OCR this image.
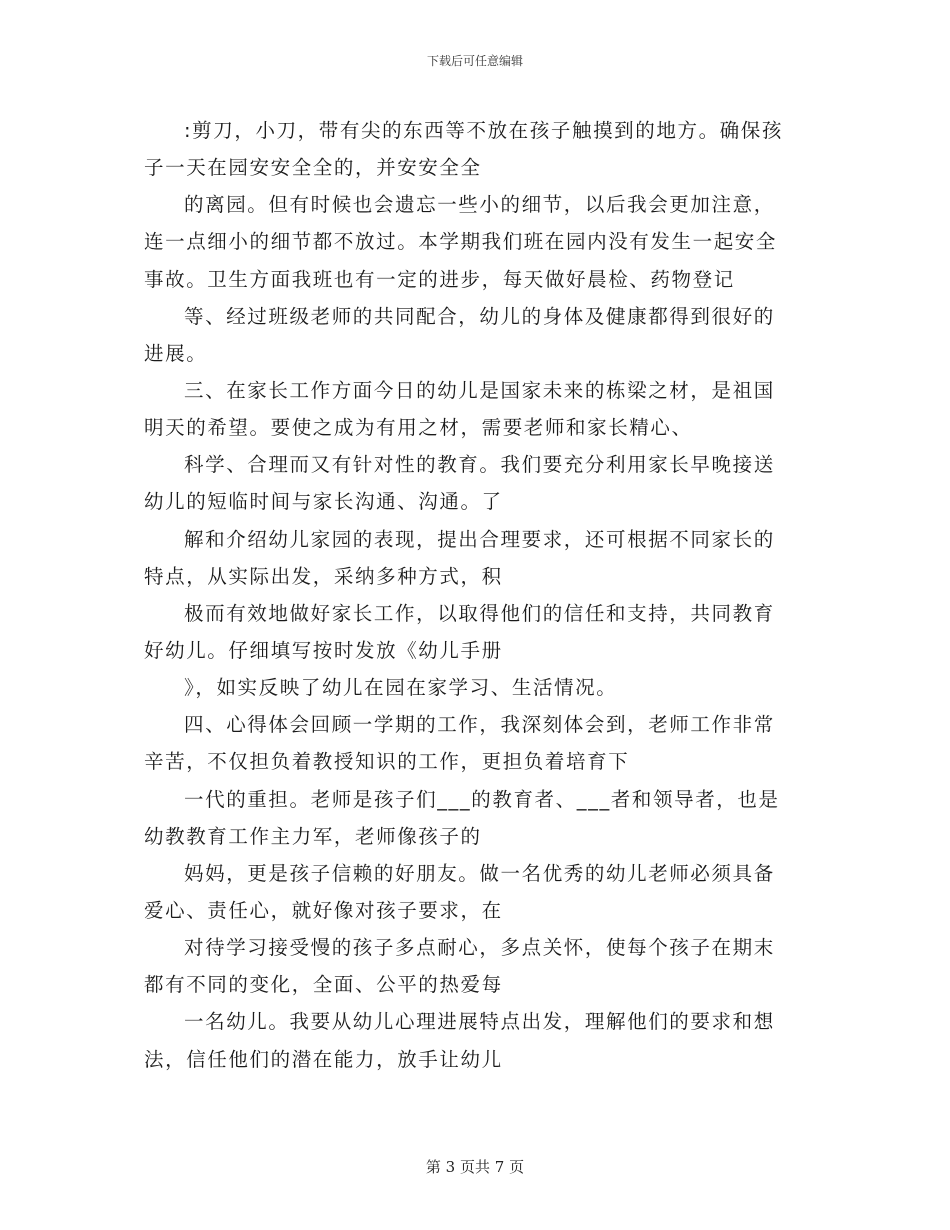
下载后可任意编辑
:剪刀，小刀，带有尖的东西等不放在孩子触摸到的地方。确保孩
子一天在园安安全全的，并安安全全
的离园。但有时候也会遗忘一些小的细节，以后我会更加注意，
连一点细小的细节都不放过。本学期我们班在园内没有发生一起安全
事故。卫生方面我班也有一定的进步，每天做好晨检、药物登记
等、经过班级老师的共同配合，幼儿的身体及健康都得到很好的
进展。
三、在家长工作方面今日的幼儿是国家未来的栋梁之材，是祖国
明天的希望。要使之成为有用之材，需要老师和家长精心、
科学、合理而又有针对性的教育。我们要充分利用家长早晚接送
幼儿的短临时间与家长沟通、沟通。了
解和介绍幼儿家园的表现，提出合理要求，还可根据不同家长的
特点，从实际出发，采纳多种方式，积
极而有效地做好家长工作，以取得他们的信任和支持，共同教育
好幼儿。仔细填写按时发放《幼儿手册
》，如实反映了幼儿在园在家学习、生活情况。
四、心得体会回顾一学期的工作，我深刻体会到，老师工作非常
辛苦，不仅担负着教授知识的工作，更担负着培育下
一代的重担。老师是孩子们___的教育者、___者和领导者，也是
幼教教育工作主力军，老师像孩子的
妈妈，更是孩子信赖的好朋友。做一名优秀的幼儿老师必须具备
爱心、责任心，就好像对孩子要求，在
对待学习接受慢的孩子多点耐心，多点关怀，使每个孩子在期末
都有不同的变化，全面、公平的热爱每
一名幼儿。我要从幼儿心理进展特点出发，理解他们的要求和想
法，信任他们的潜在能力，放手让幼儿
第 3 页共 7 页
